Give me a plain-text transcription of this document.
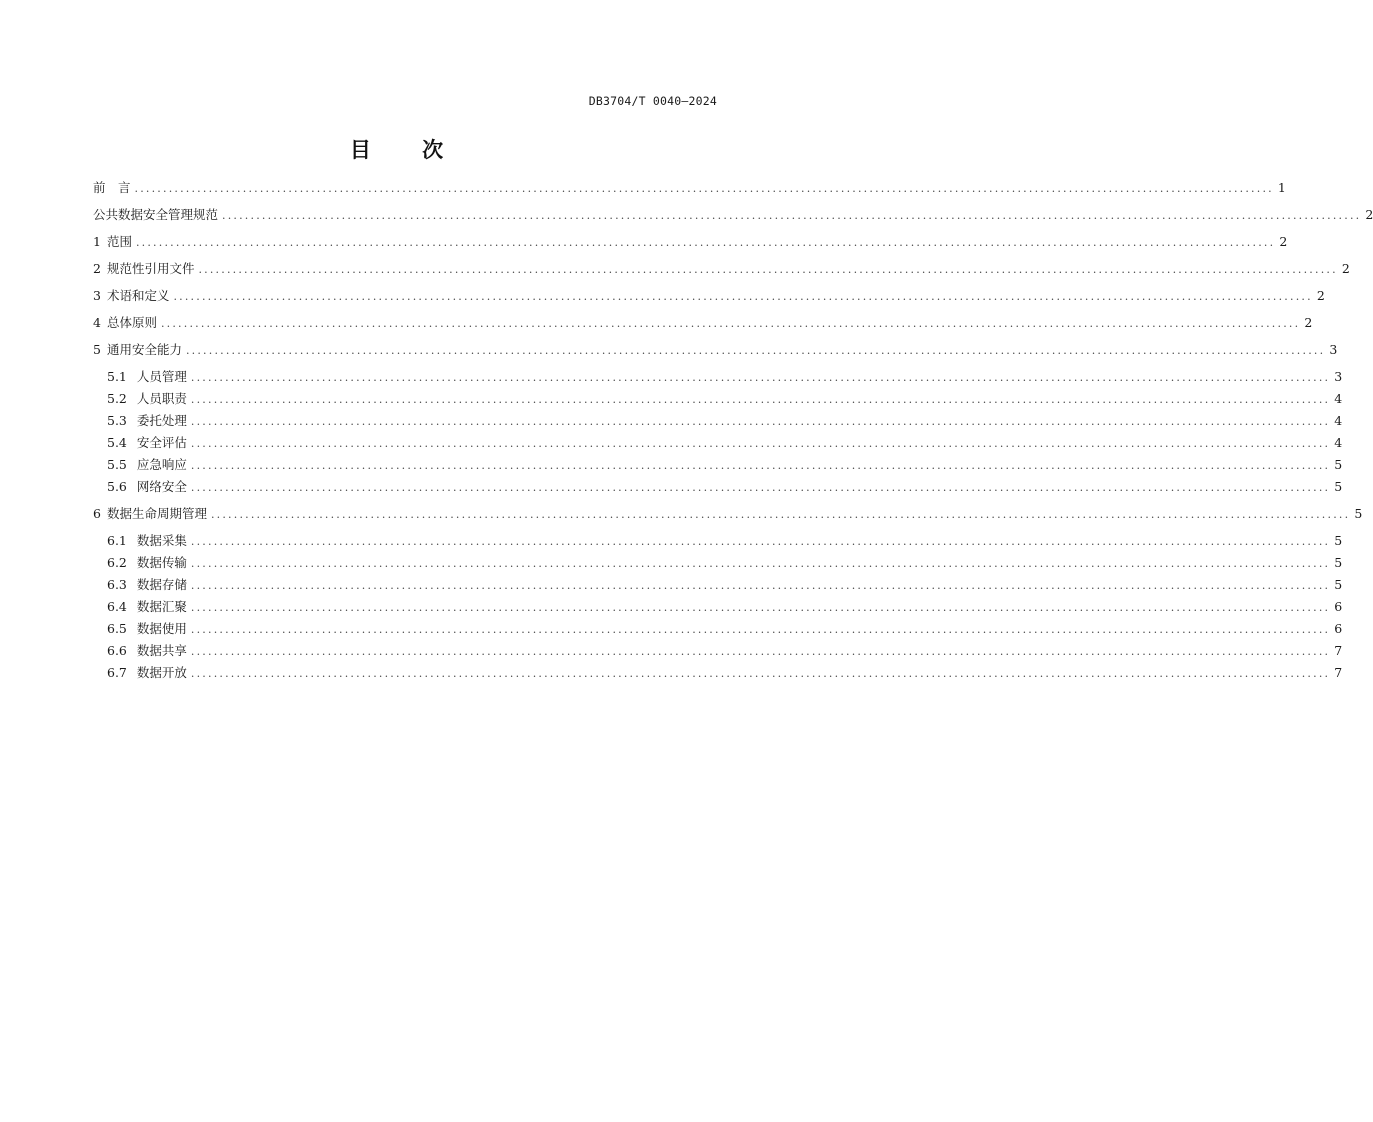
DB3704/T 0040—2024
目 次
前　言 ........................................................................................................................................................................................................ 1
公共数据安全管理规范 ........................................................................................................................................................................................................ 2
1 范围 ........................................................................................................................................................................................................ 2
2 规范性引用文件 ........................................................................................................................................................................................................ 2
3 术语和定义 ........................................................................................................................................................................................................ 2
4 总体原则 ........................................................................................................................................................................................................ 2
5 通用安全能力 ........................................................................................................................................................................................................ 3
5.1 人员管理 ........................................................................................................................................................................................................ 3
5.2 人员职责 ........................................................................................................................................................................................................ 4
5.3 委托处理 ........................................................................................................................................................................................................ 4
5.4 安全评估 ........................................................................................................................................................................................................ 4
5.5 应急响应 ........................................................................................................................................................................................................ 5
5.6 网络安全 ........................................................................................................................................................................................................ 5
6 数据生命周期管理 ........................................................................................................................................................................................................ 5
6.1 数据采集 ........................................................................................................................................................................................................ 5
6.2 数据传输 ........................................................................................................................................................................................................ 5
6.3 数据存储 ........................................................................................................................................................................................................ 5
6.4 数据汇聚 ........................................................................................................................................................................................................ 6
6.5 数据使用 ........................................................................................................................................................................................................ 6
6.6 数据共享 ........................................................................................................................................................................................................ 7
6.7 数据开放 ........................................................................................................................................................................................................ 7
